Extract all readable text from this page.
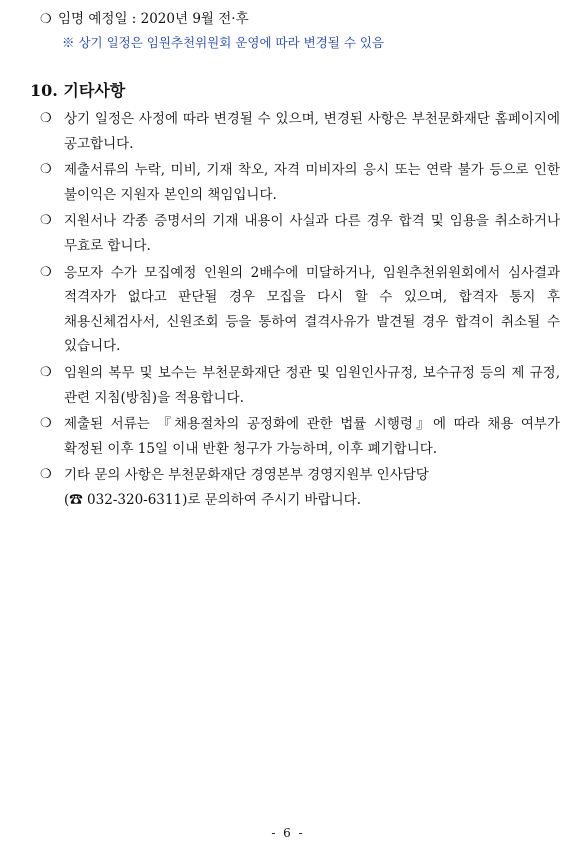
❍ 임명 예정일 : 2020년 9월 전·후
※ 상기 일정은 임원추천위원회 운영에 따라 변경될 수 있음
10. 기타사항
❍ 상기 일정은 사정에 따라 변경될 수 있으며, 변경된 사항은 부천문화재단 홈페이지에 공고합니다.
❍ 제출서류의 누락, 미비, 기재 착오, 자격 미비자의 응시 또는 연락 불가 등으로 인한 불이익은 지원자 본인의 책임입니다.
❍ 지원서나 각종 증명서의 기재 내용이 사실과 다른 경우 합격 및 임용을 취소하거나 무효로 합니다.
❍ 응모자 수가 모집예정 인원의 2배수에 미달하거나, 임원추천위원회에서 심사결과 적격자가 없다고 판단될 경우 모집을 다시 할 수 있으며, 합격자 통지 후 채용신체검사서, 신원조회 등을 통하여 결격사유가 발견될 경우 합격이 취소될 수 있습니다.
❍ 임원의 복무 및 보수는 부천문화재단 정관 및 임원인사규정, 보수규정 등의 제 규정, 관련 지침(방침)을 적용합니다.
❍ 제출된 서류는 『채용절차의 공정화에 관한 법률 시행령』에 따라 채용 여부가 확정된 이후 15일 이내 반환 청구가 가능하며, 이후 폐기합니다.
❍ 기타 문의 사항은 부천문화재단 경영본부 경영지원부 인사담당
(☎ 032-320-6311)로 문의하여 주시기 바랍니다.
- 6 -
